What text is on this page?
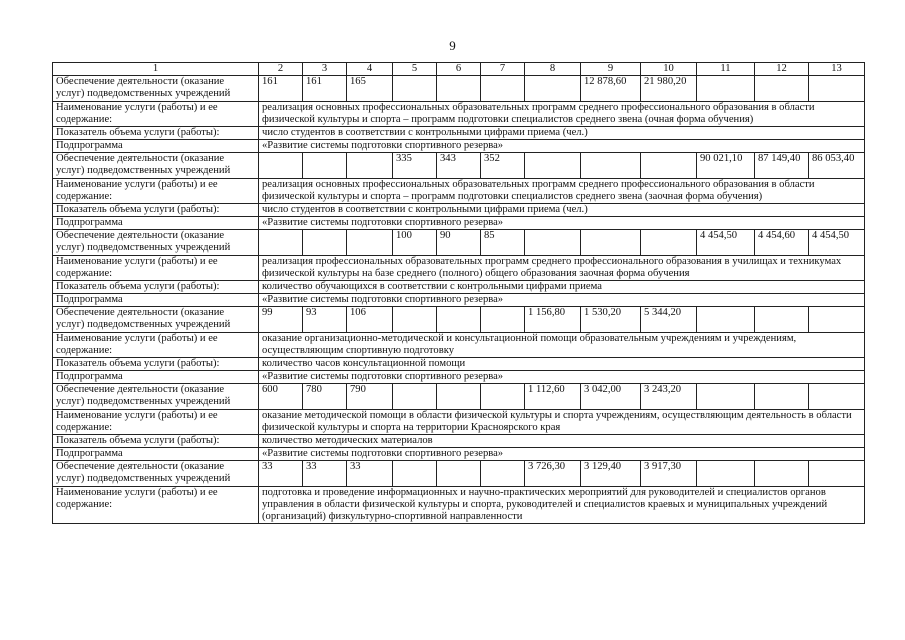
9
1	2	3	4	5	6	7	8	9	10	11	12	13
Обеспечение деятельности (оказание услуг) подведомственных учреждений	161	161	165					12 878,60	21 980,20			
Наименование услуги (работы) и ее содержание:	реализация основных профессиональных образовательных программ среднего профессионального образования в области физической культуры и спорта – программ подготовки специалистов среднего звена (очная форма обучения)											
Показатель объема услуги (работы):	число студентов в соответствии с контрольными цифрами приема (чел.)											
Подпрограмма	«Развитие системы подготовки спортивного резерва»											
Обеспечение деятельности (оказание услуг) подведомственных учреждений				335	343	352				90 021,10	87 149,40	86 053,40
Наименование услуги (работы) и ее содержание:	реализация основных профессиональных образовательных программ среднего профессионального образования в области физической культуры и спорта – программ подготовки специалистов среднего звена (заочная форма обучения)											
Показатель объема услуги (работы):	число студентов в соответствии с контрольными цифрами приема (чел.)											
Подпрограмма	«Развитие системы подготовки спортивного резерва»											
Обеспечение деятельности (оказание услуг) подведомственных учреждений				100	90	85				4 454,50	4 454,60	4 454,50
Наименование услуги (работы) и ее содержание:	реализация профессиональных образовательных программ среднего профессионального образования в училищах и техникумах физической культуры на базе среднего (полного) общего образования заочная форма обучения											
Показатель объема услуги (работы):	количество обучающихся в соответствии с контрольными цифрами приема											
Подпрограмма	«Развитие системы подготовки спортивного резерва»											
Обеспечение деятельности (оказание услуг) подведомственных учреждений	99	93	106				1 156,80	1 530,20	5 344,20			
Наименование услуги (работы) и ее содержание:	оказание организационно-методической и консультационной помощи образовательным учреждениям и учреждениям, осуществляющим спортивную подготовку											
Показатель объема услуги (работы):	количество часов консультационной помощи											
Подпрограмма	«Развитие системы подготовки спортивного резерва»											
Обеспечение деятельности (оказание услуг) подведомственных учреждений	600	780	790				1 112,60	3 042,00	3 243,20			
Наименование услуги (работы) и ее содержание:	оказание методической помощи в области физической культуры и спорта учреждениям, осуществляющим деятельность в области физической культуры и спорта на территории Красноярского края											
Показатель объема услуги (работы):	количество методических материалов											
Подпрограмма	«Развитие системы подготовки спортивного резерва»											
Обеспечение деятельности (оказание услуг) подведомственных учреждений	33	33	33				3 726,30	3 129,40	3 917,30			
Наименование услуги (работы) и ее содержание:	подготовка и проведение информационных и научно-практических мероприятий для руководителей и специалистов органов управления в области физической культуры и спорта, руководителей и специалистов краевых и муниципальных учреждений (организаций) физкультурно-спортивной направленности											
